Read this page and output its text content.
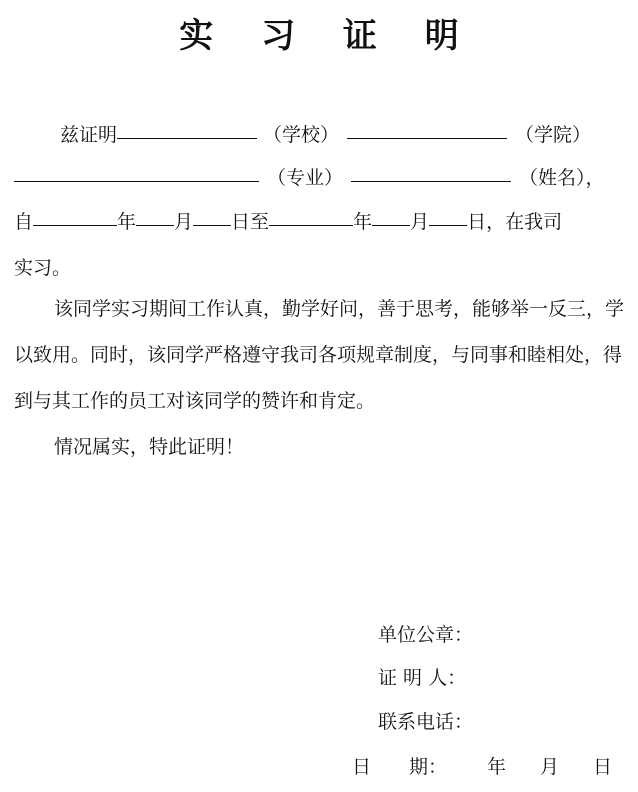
实 习 证 明
兹证明	（学校）	（学院）
（专业）	（姓名），
自	年 月 日至	年 月 日，在我司
实习。
该同学实习期间工作认真，勤学好问，善于思考，能够举一反三，学以致用。同时，该同学严格遵守我司各项规章制度，与同事和睦相处，得到与其工作的员工对该同学的赞许和肯定。
情况属实，特此证明！
单位公章：
证 明 人：
联系电话：
日　　期： 年 月 日
